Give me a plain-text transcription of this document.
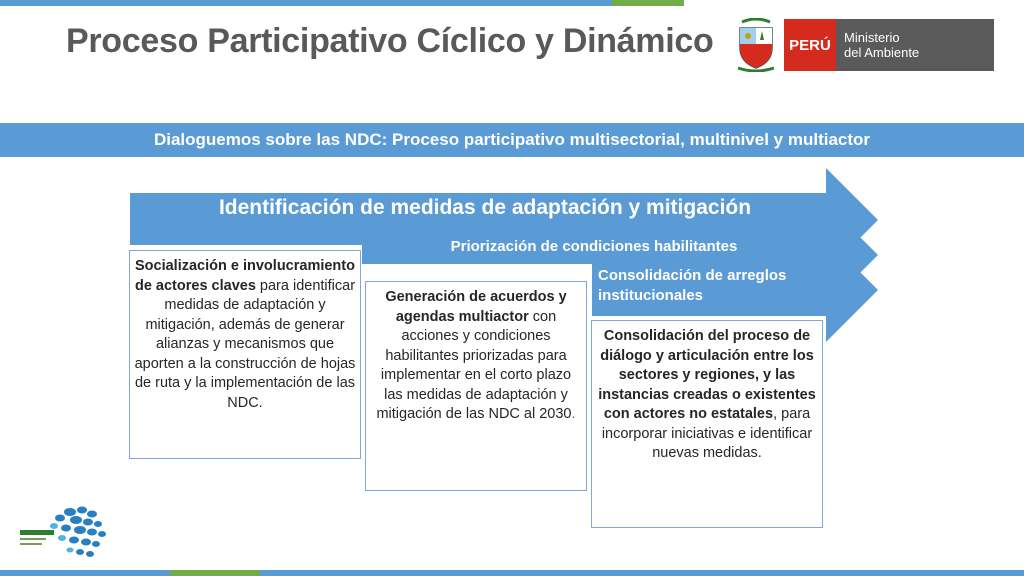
Proceso Participativo Cíclico y Dinámico	PERÚ	Ministerio
del Ambiente
Dialoguemos sobre las NDC: Proceso participativo multisectorial, multinivel y multiactor
Identificación de medidas de adaptación y mitigación
Priorización de condiciones habilitantes
Consolidación de arreglos institucionales
Socialización e involucramiento de actores claves para identificar medidas de adaptación y mitigación, además de generar alianzas y mecanismos que aporten a la construcción de hojas de ruta y la implementación de las NDC.
Generación de acuerdos y agendas multiactor con acciones y condiciones habilitantes priorizadas para implementar en el corto plazo las medidas de adaptación y mitigación de las NDC al 2030.
Consolidación del proceso de diálogo y articulación entre los sectores y regiones, y las instancias creadas o existentes con actores no estatales, para incorporar iniciativas e identificar nuevas medidas.
